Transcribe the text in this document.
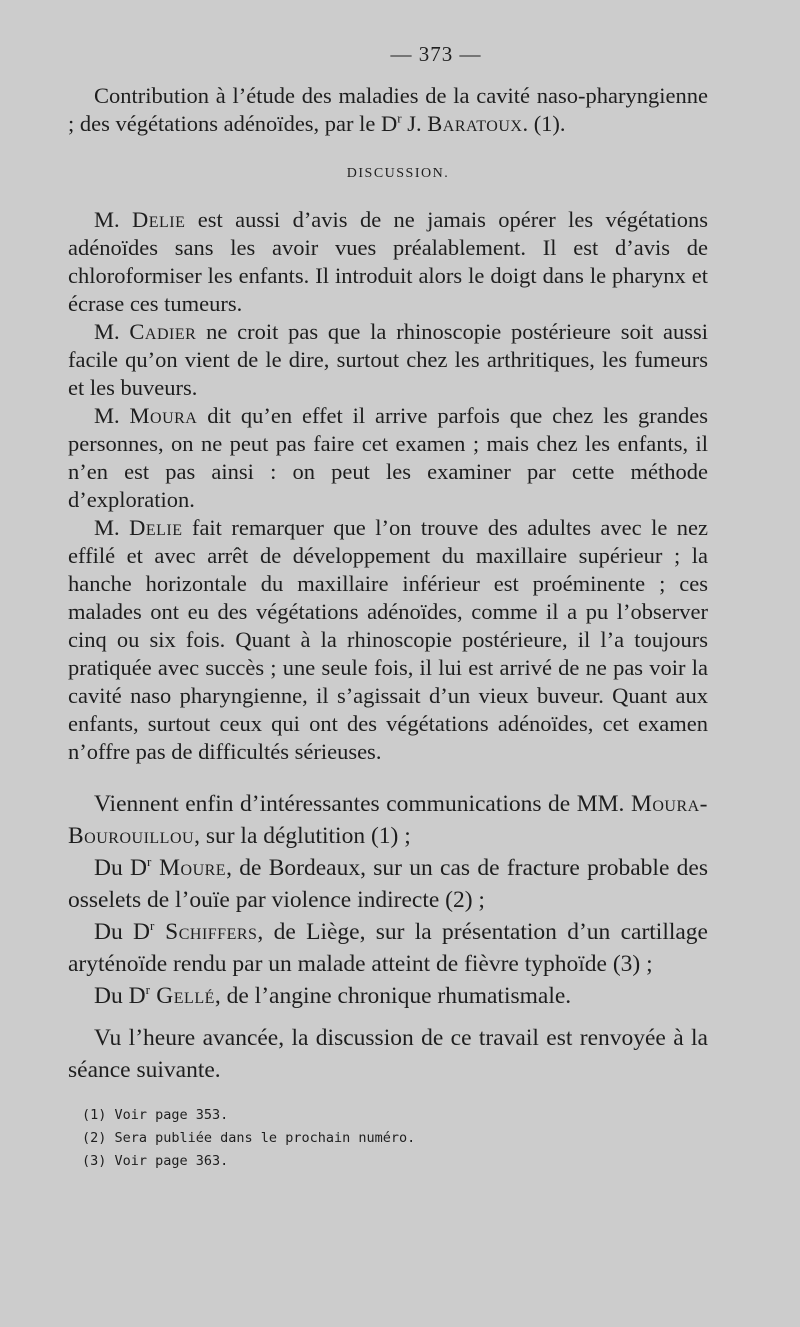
— 373 —

Contribution à l’étude des maladies de la cavité naso-pharyngienne ; des végétations adénoïdes, par le $D^r$ J. Baratoux. (1).

DISCUSSION.

M. Delie est aussi d’avis de ne jamais opérer les végétations adénoïdes sans les avoir vues préalablement. Il est d’avis de chloroformiser les enfants. Il introduit alors le doigt dans le pharynx et écrase ces tumeurs.

M. Cadier ne croit pas que la rhinoscopie postérieure soit aussi facile qu’on vient de le dire, surtout chez les arthritiques, les fumeurs et les buveurs.

M. Moura dit qu’en effet il arrive parfois que chez les grandes personnes, on ne peut pas faire cet examen ; mais chez les enfants, il n’en est pas ainsi : on peut les examiner par cette méthode d’exploration.

M. Delie fait remarquer que l’on trouve des adultes avec le nez effilé et avec arrêt de développement du maxillaire supérieur ; la hanche horizontale du maxillaire inférieur est proéminente ; ces malades ont eu des végétations adénoïdes, comme il a pu l’observer cinq ou six fois. Quant à la rhinoscopie postérieure, il l’a toujours pratiquée avec succès ; une seule fois, il lui est arrivé de ne pas voir la cavité naso pharyngienne, il s’agissait d’un vieux buveur. Quant aux enfants, surtout ceux qui ont des végétations adénoïdes, cet examen n’offre pas de difficultés sérieuses.

Viennent enfin d’intéressantes communications de MM. Moura-Bourouillou, sur la déglutition (1) ;

Du $D^r$ Moure, de Bordeaux, sur un cas de fracture probable des osselets de l’ouïe par violence indirecte (2) ;

Du $D^r$ Schiffers, de Liège, sur la présentation d’un cartillage aryténoïde rendu par un malade atteint de fièvre typhoïde (3) ;

Du $D^r$ Gellé, de l’angine chronique rhumatismale.

Vu l’heure avancée, la discussion de ce travail est renvoyée à la séance suivante.

(1) Voir page 353.
(2) Sera publiée dans le prochain numéro.
(3) Voir page 363.
